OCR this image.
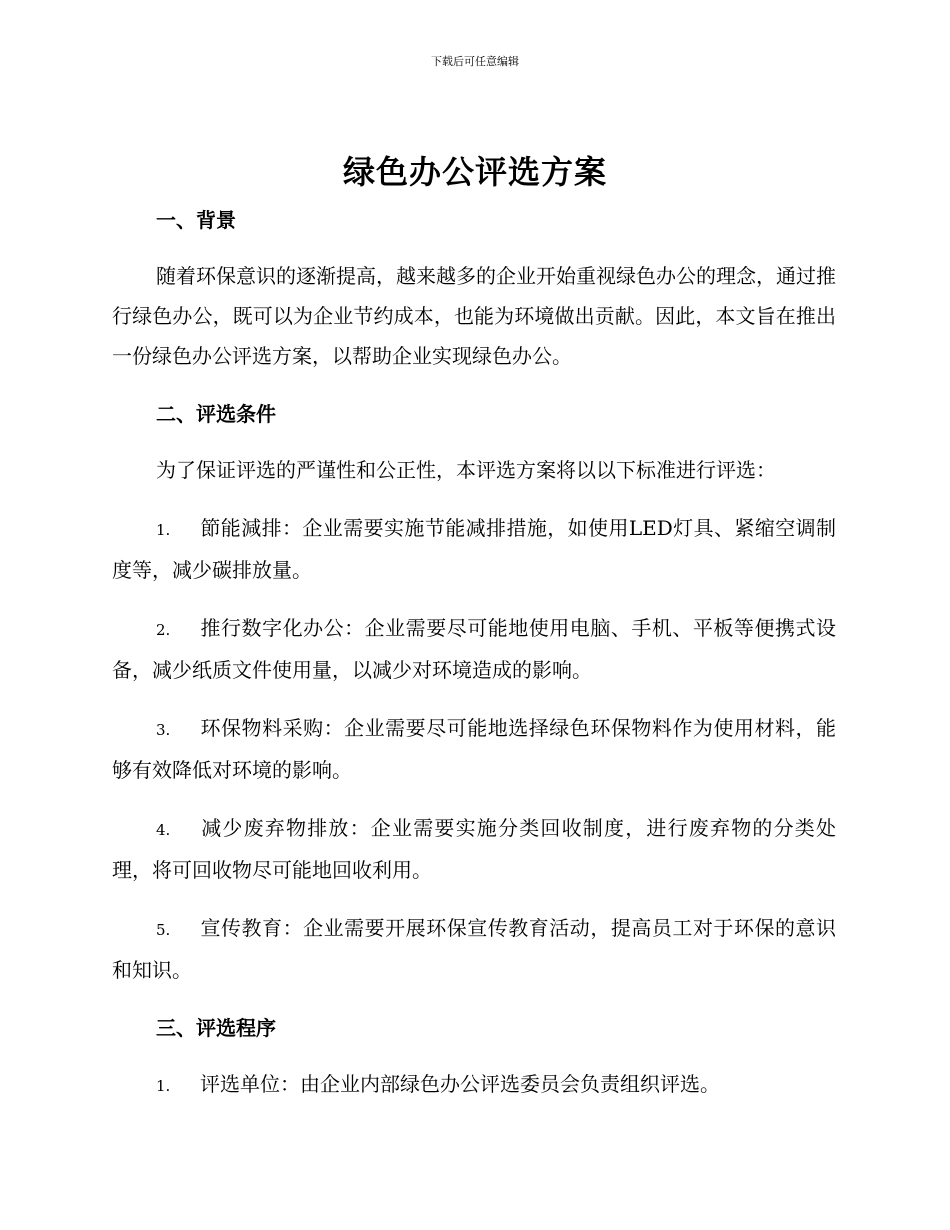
下载后可任意编辑
绿色办公评选方案
一、背景

随着环保意识的逐渐提高，越来越多的企业开始重视绿色办公的理念，通过推行绿色办公，既可以为企业节约成本，也能为环境做出贡献。因此，本文旨在推出一份绿色办公评选方案，以帮助企业实现绿色办公。

二、评选条件

为了保证评选的严谨性和公正性，本评选方案将以以下标准进行评选：

1. 節能減排：企业需要实施节能减排措施，如使用LED灯具、紧缩空调制度等，减少碳排放量。

2. 推行数字化办公：企业需要尽可能地使用电脑、手机、平板等便携式设备，减少纸质文件使用量，以减少对环境造成的影响。

3. 环保物料采购：企业需要尽可能地选择绿色环保物料作为使用材料，能够有效降低对环境的影响。

4. 减少废弃物排放：企业需要实施分类回收制度，进行废弃物的分类处理，将可回收物尽可能地回收利用。

5. 宣传教育：企业需要开展环保宣传教育活动，提高员工对于环保的意识和知识。

三、评选程序

1. 评选单位：由企业内部绿色办公评选委员会负责组织评选。
